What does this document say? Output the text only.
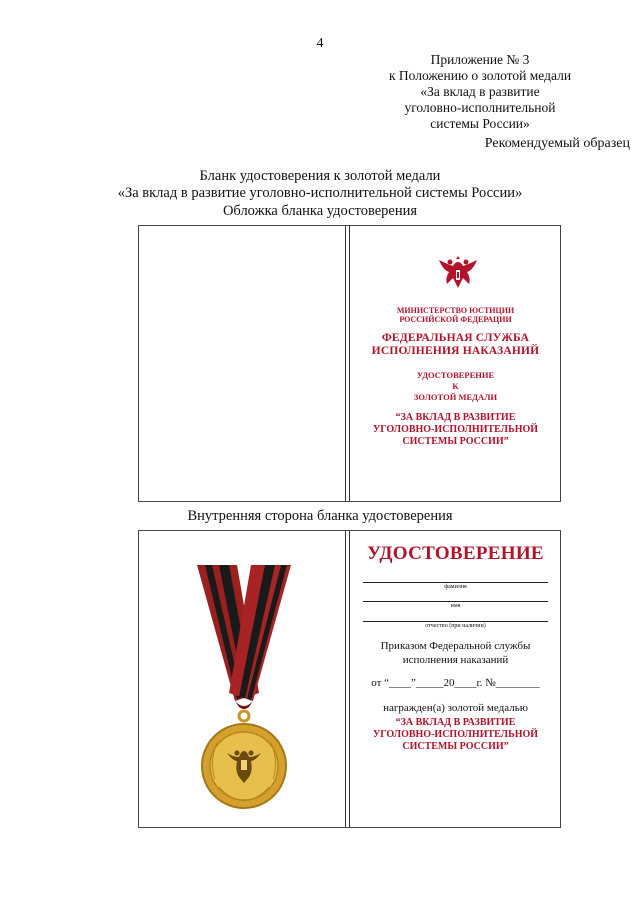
4
Приложение № 3
к Положению о золотой медали
«За вклад в развитие
уголовно-исполнительной
системы России»
Рекомендуемый образец
Бланк удостоверения к золотой медали
«За вклад в развитие уголовно-исполнительной системы России»
Обложка бланка удостоверения
МИНИСТЕРСТВО ЮСТИЦИИ
РОССИЙСКОЙ ФЕДЕРАЦИИ
ФЕДЕРАЛЬНАЯ СЛУЖБА
ИСПОЛНЕНИЯ НАКАЗАНИЙ
УДОСТОВЕРЕНИЕ
К
ЗОЛОТОЙ МЕДАЛИ
“ЗА ВКЛАД В РАЗВИТИЕ
УГОЛОВНО-ИСПОЛНИТЕЛЬНОЙ
СИСТЕМЫ РОССИИ”
Внутренняя сторона бланка удостоверения
УДОСТОВЕРЕНИЕ
фамилия
имя
отчество (при наличии)
Приказом Федеральной службы
исполнения наказаний
от “____”_____20____г. №________
награжден(а) золотой медалью
“ЗА ВКЛАД В РАЗВИТИЕ
УГОЛОВНО-ИСПОЛНИТЕЛЬНОЙ
СИСТЕМЫ РОССИИ”
